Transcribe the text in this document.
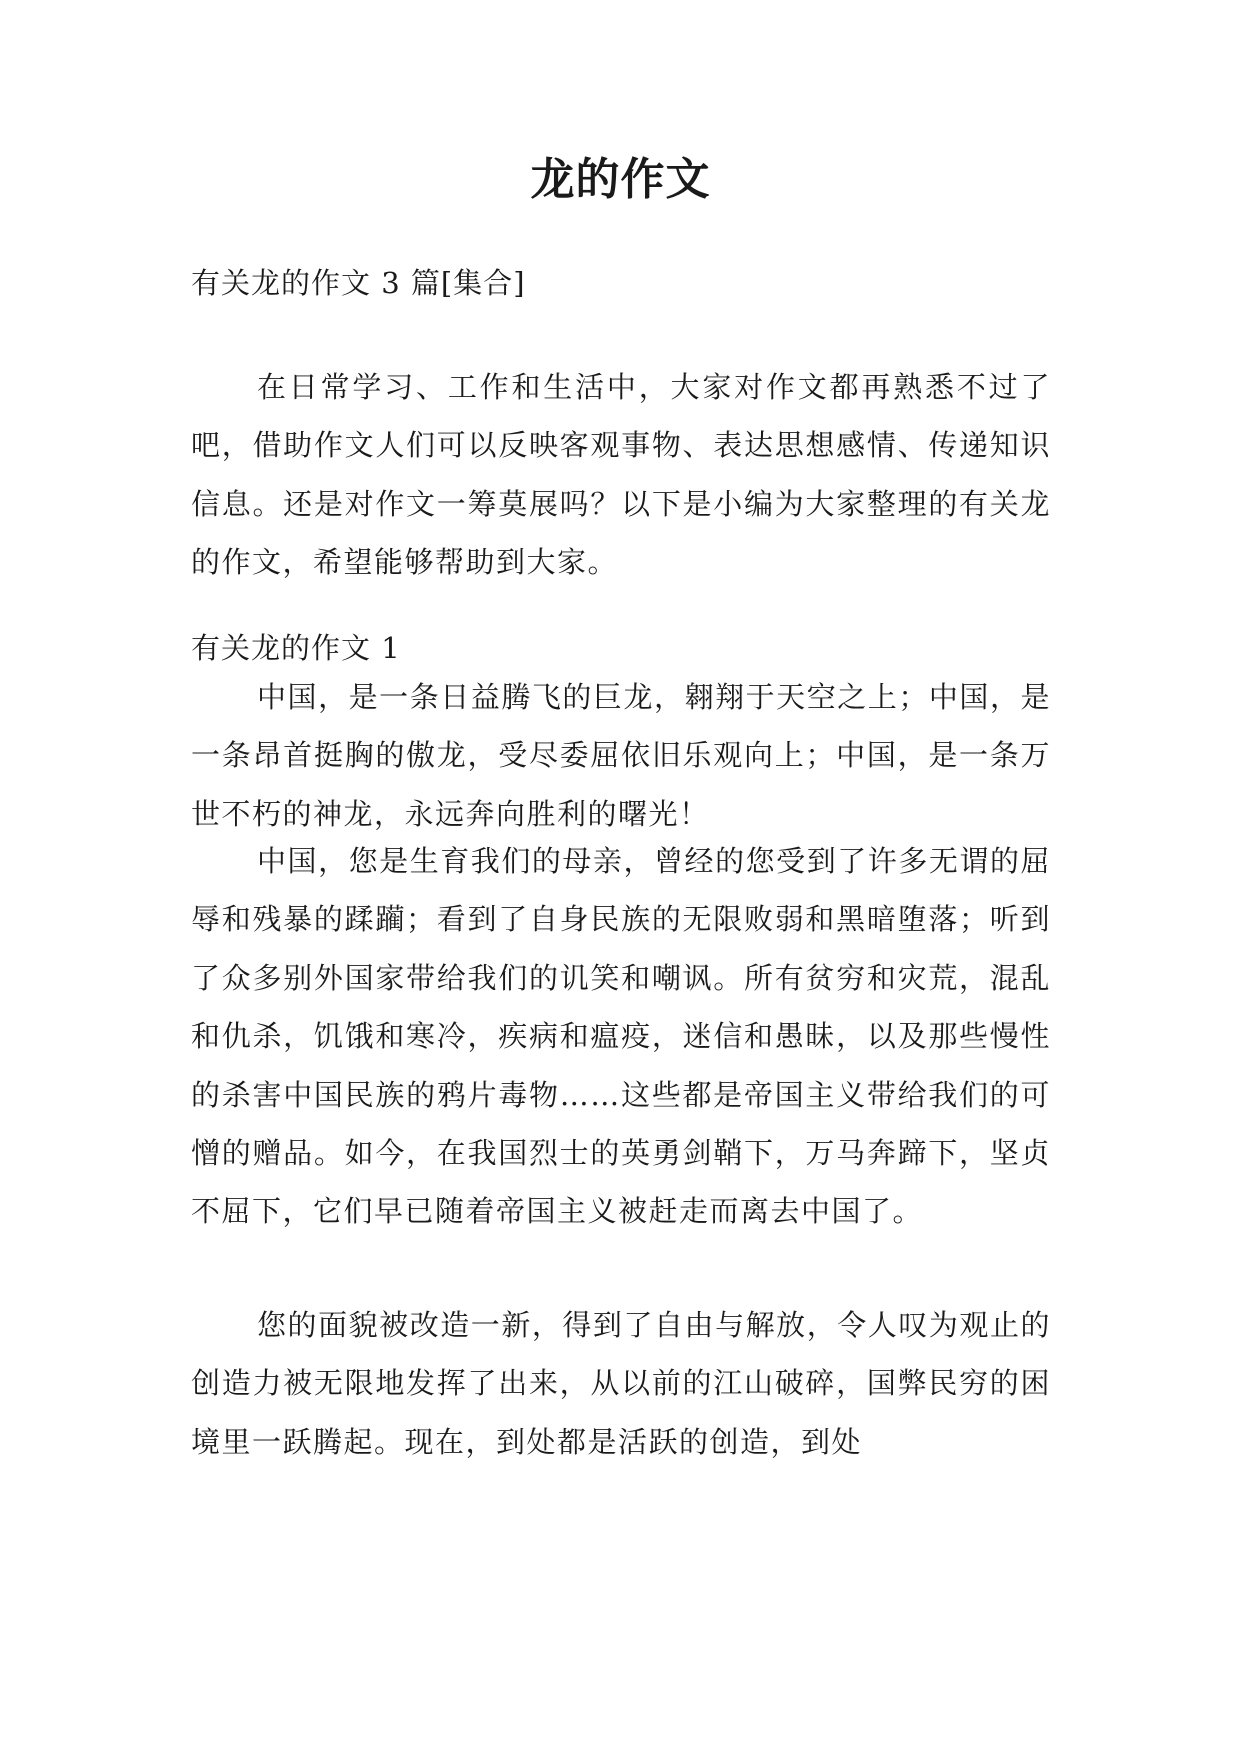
龙的作文

有关龙的作文 3 篇[集合]

在日常学习、工作和生活中，大家对作文都再熟悉不过了吧，借助作文人们可以反映客观事物、表达思想感情、传递知识信息。还是对作文一筹莫展吗？以下是小编为大家整理的有关龙的作文，希望能够帮助到大家。

有关龙的作文 1

中国，是一条日益腾飞的巨龙，翱翔于天空之上；中国，是一条昂首挺胸的傲龙，受尽委屈依旧乐观向上；中国，是一条万世不朽的神龙，永远奔向胜利的曙光！

中国，您是生育我们的母亲，曾经的您受到了许多无谓的屈辱和残暴的蹂躏；看到了自身民族的无限败弱和黑暗堕落；听到了众多别外国家带给我们的讥笑和嘲讽。所有贫穷和灾荒，混乱和仇杀，饥饿和寒冷，疾病和瘟疫，迷信和愚昧，以及那些慢性的杀害中国民族的鸦片毒物……这些都是帝国主义带给我们的可憎的赠品。如今，在我国烈士的英勇剑鞘下，万马奔蹄下，坚贞不屈下，它们早已随着帝国主义被赶走而离去中国了。

您的面貌被改造一新，得到了自由与解放，令人叹为观止的创造力被无限地发挥了出来，从以前的江山破碎，国弊民穷的困境里一跃腾起。现在，到处都是活跃的创造，到处
